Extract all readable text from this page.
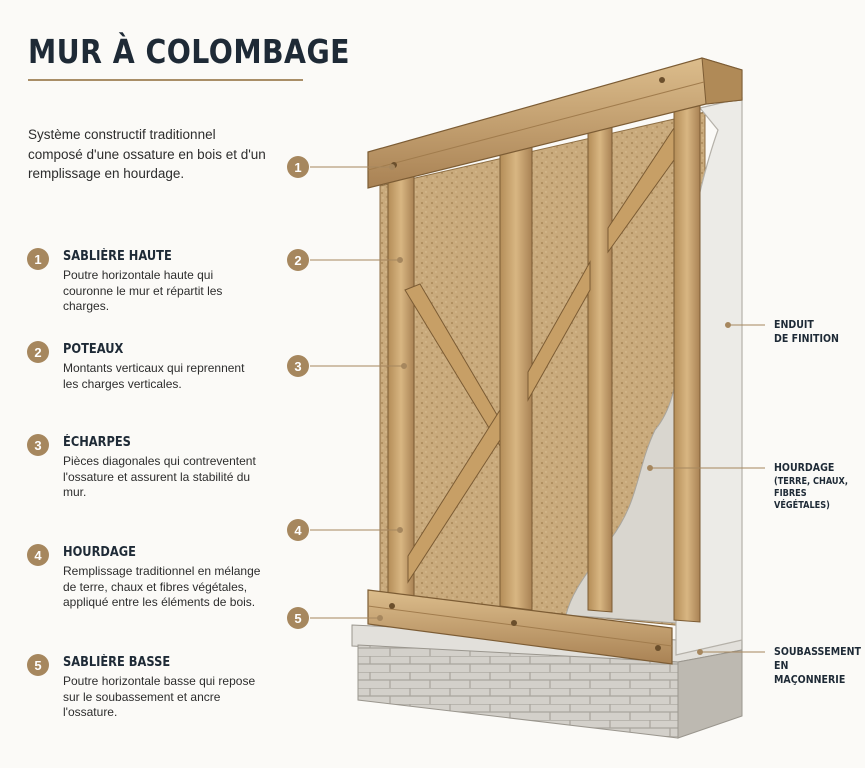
MUR À COLOMBAGE

Système constructif traditionnel composé d'une ossature en bois et d'un remplissage en hourdage.

1	SABLIÈRE HAUTE
Poutre horizontale haute qui couronne le mur et répartit les charges.
2	POTEAUX
Montants verticaux qui reprennent les charges verticales.
3	ÉCHARPES
Pièces diagonales qui contreventent l'ossature et assurent la stabilité du mur.
4	HOURDAGE
Remplissage traditionnel en mélange de terre, chaux et fibres végétales, appliqué entre les éléments de bois.
5	SABLIÈRE BASSE
Poutre horizontale basse qui repose sur le soubassement et ancre l'ossature.
1
2
3
4
5
ENDUIT
DE FINITION
HOURDAGE
(TERRE, CHAUX,
FIBRES VÉGÉTALES)
SOUBASSEMENT
EN MAÇONNERIE
